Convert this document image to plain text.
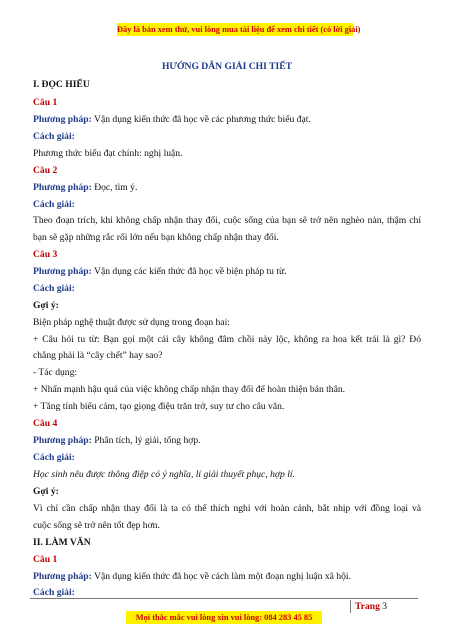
Đây là bản xem thử, vui lòng mua tài liệu để xem chi tiết (có lời giải)
HƯỚNG DẪN GIẢI CHI TIẾT
I. ĐỌC HIỂU
Câu 1
Phương pháp: Vận dụng kiến thức đã học về các phương thức biểu đạt.
Cách giải:
Phương thức biểu đạt chính: nghị luận.
Câu 2
Phương pháp: Đọc, tìm ý.
Cách giải:
Theo đoạn trích, khi không chấp nhận thay đổi, cuộc sống của bạn sẽ trở nên nghèo nàn, thậm chí
bạn sẽ gặp những rắc rối lớn nếu bạn không chấp nhận thay đổi.
Câu 3
Phương pháp: Vận dụng các kiến thức đã học về biện pháp tu từ.
Cách giải:
Gợi ý:
Biện pháp nghệ thuật được sử dụng trong đoạn hai:
+ Câu hỏi tu từ: Bạn gọi một cái cây không đâm chồi nảy lộc, không ra hoa kết trái là gì? Đó
chẳng phải là “cây chết” hay sao?
- Tác dụng:
+ Nhấn mạnh hậu quả của việc không chấp nhận thay đổi để hoàn thiện bản thân.
+ Tăng tính biểu cảm, tạo giọng điệu trăn trở, suy tư cho câu văn.
Câu 4
Phương pháp: Phân tích, lý giải, tổng hợp.
Cách giải:
Học sinh nêu được thông điệp có ý nghĩa, lí giải thuyết phục, hợp lí.
Gợi ý:
Vì chỉ cần chấp nhận thay đổi là ta có thể thích nghi với hoàn cảnh, bắt nhịp với đồng loại và
cuộc sống sẽ trở nên tốt đẹp hơn.
II. LÀM VĂN
Câu 1
Phương pháp: Vận dụng kiến thức đã học về cách làm một đoạn nghị luận xã hội.
Cách giải:
Trang 3
Mọi thắc mắc vui lòng xin vui lòng: 084 283 45 85
